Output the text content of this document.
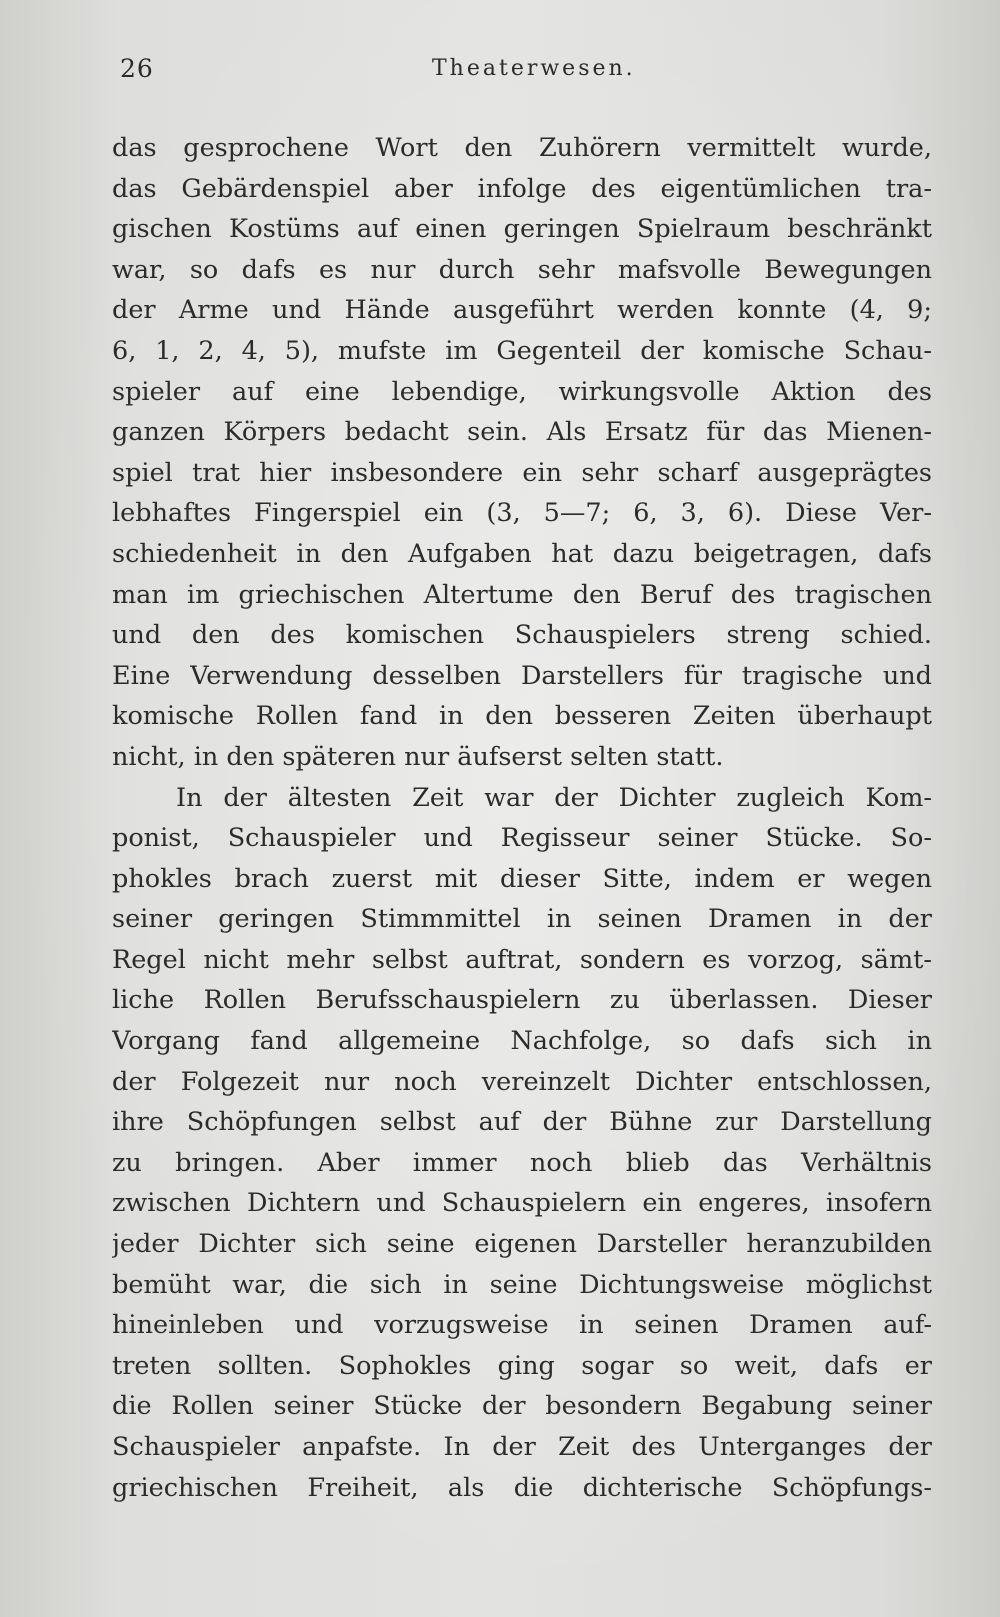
26	Theaterwesen.
das gesprochene Wort den Zuhörern vermittelt wurde,
das Gebärdenspiel aber infolge des eigentümlichen tra-
gischen Kostüms auf einen geringen Spielraum beschränkt
war, so dafs es nur durch sehr mafsvolle Bewegungen
der Arme und Hände ausgeführt werden konnte (4, 9;
6, 1, 2, 4, 5), mufste im Gegenteil der komische Schau-
spieler auf eine lebendige, wirkungsvolle Aktion des
ganzen Körpers bedacht sein. Als Ersatz für das Mienen-
spiel trat hier insbesondere ein sehr scharf ausgeprägtes
lebhaftes Fingerspiel ein (3, 5—7; 6, 3, 6). Diese Ver-
schiedenheit in den Aufgaben hat dazu beigetragen, dafs
man im griechischen Altertume den Beruf des tragischen
und den des komischen Schauspielers streng schied.
Eine Verwendung desselben Darstellers für tragische und
komische Rollen fand in den besseren Zeiten überhaupt
nicht, in den späteren nur äufserst selten statt.
In der ältesten Zeit war der Dichter zugleich Kom-
ponist, Schauspieler und Regisseur seiner Stücke. So-
phokles brach zuerst mit dieser Sitte, indem er wegen
seiner geringen Stimmmittel in seinen Dramen in der
Regel nicht mehr selbst auftrat, sondern es vorzog, sämt-
liche Rollen Berufsschauspielern zu überlassen. Dieser
Vorgang fand allgemeine Nachfolge, so dafs sich in
der Folgezeit nur noch vereinzelt Dichter entschlossen,
ihre Schöpfungen selbst auf der Bühne zur Darstellung
zu bringen. Aber immer noch blieb das Verhältnis
zwischen Dichtern und Schauspielern ein engeres, insofern
jeder Dichter sich seine eigenen Darsteller heranzubilden
bemüht war, die sich in seine Dichtungsweise möglichst
hineinleben und vorzugsweise in seinen Dramen auf-
treten sollten. Sophokles ging sogar so weit, dafs er
die Rollen seiner Stücke der besondern Begabung seiner
Schauspieler anpafste. In der Zeit des Unterganges der
griechischen Freiheit, als die dichterische Schöpfungs-
